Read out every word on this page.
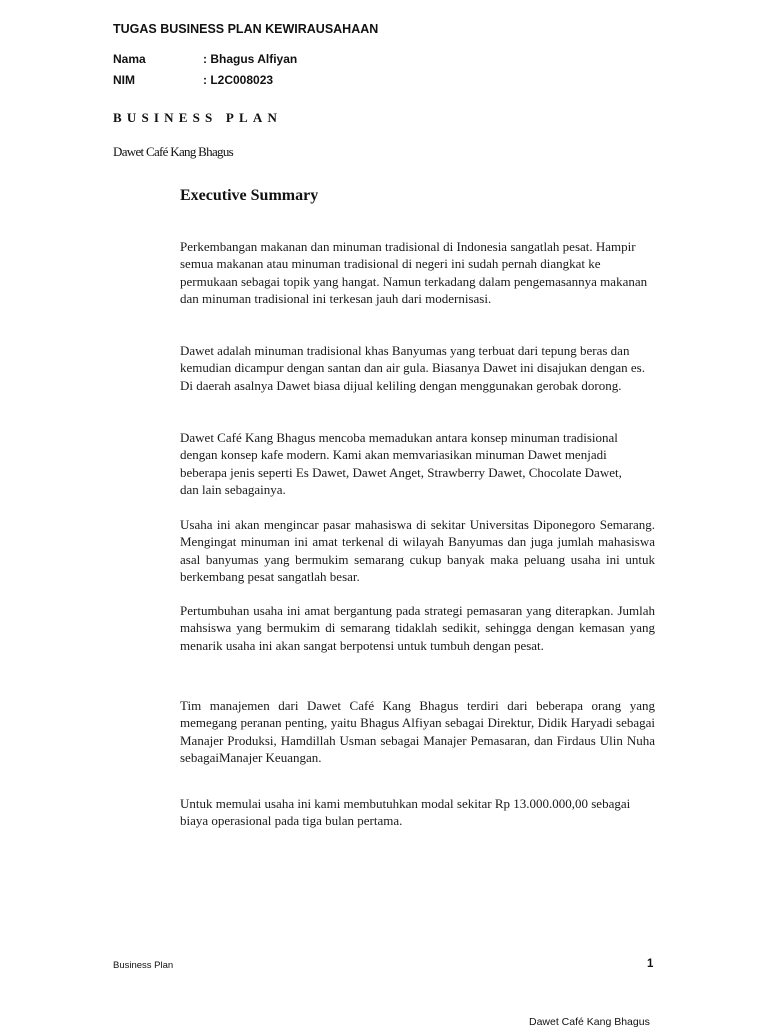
TUGAS BUSINESS PLAN KEWIRAUSAHAAN
Nama	: Bhagus Alfiyan
NIM	: L2C008023
BUSINESS PLAN
Dawet Café Kang Bhagus
Executive Summary

Perkembangan makanan dan minuman tradisional di Indonesia sangatlah pesat. Hampir semua makanan atau minuman tradisional di negeri ini sudah pernah diangkat ke permukaan sebagai topik yang hangat. Namun terkadang dalam pengemasannya makanan dan minuman tradisional ini terkesan jauh dari modernisasi.

Dawet adalah minuman tradisional khas Banyumas yang terbuat dari tepung beras dan kemudian dicampur dengan santan dan air gula. Biasanya Dawet ini disajukan dengan es. Di daerah asalnya Dawet biasa dijual keliling dengan menggunakan gerobak dorong.

Dawet Café Kang Bhagus mencoba memadukan antara konsep minuman tradisional dengan konsep kafe modern. Kami akan memvariasikan minuman Dawet menjadi beberapa jenis seperti Es Dawet, Dawet Anget, Strawberry Dawet, Chocolate Dawet, dan lain sebagainya.

Usaha ini akan mengincar pasar mahasiswa di sekitar Universitas Diponegoro Semarang. Mengingat minuman ini amat terkenal di wilayah Banyumas dan juga jumlah mahasiswa asal banyumas yang bermukim semarang cukup banyak maka peluang usaha ini untuk berkembang pesat sangatlah besar.

Pertumbuhan usaha ini amat bergantung pada strategi pemasaran yang diterapkan. Jumlah mahsiswa yang bermukim di semarang tidaklah sedikit, sehingga dengan kemasan yang menarik usaha ini akan sangat berpotensi untuk tumbuh dengan pesat.

Tim manajemen dari Dawet Café Kang Bhagus terdiri dari beberapa orang yang memegang peranan penting, yaitu Bhagus Alfiyan sebagai Direktur, Didik Haryadi sebagai Manajer Produksi, Hamdillah Usman sebagai Manajer Pemasaran, dan Firdaus Ulin Nuha sebagaiManajer Keuangan.

Untuk memulai usaha ini kami membutuhkan modal sekitar Rp 13.000.000,00 sebagai biaya operasional pada tiga bulan pertama.

Business Plan	1
Dawet Café Kang Bhagus
